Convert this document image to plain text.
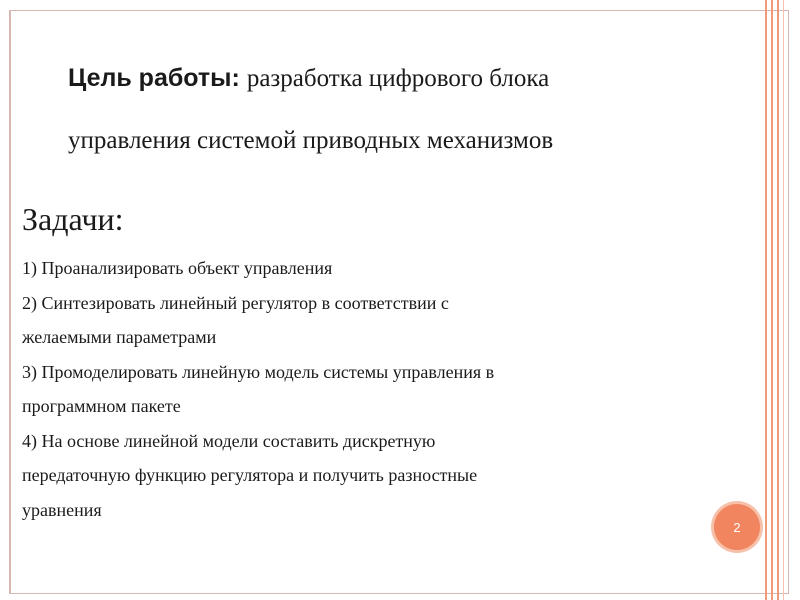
Цель работы: разработка цифрового блока
управления системой приводных механизмов
Задачи:
1) Проанализировать объект управления
2) Синтезировать линейный регулятор в соответствии с
желаемыми параметрами
3) Промоделировать линейную модель системы управления в
программном пакете
4) На основе линейной модели составить дискретную
передаточную функцию регулятора и получить разностные
уравнения
2
